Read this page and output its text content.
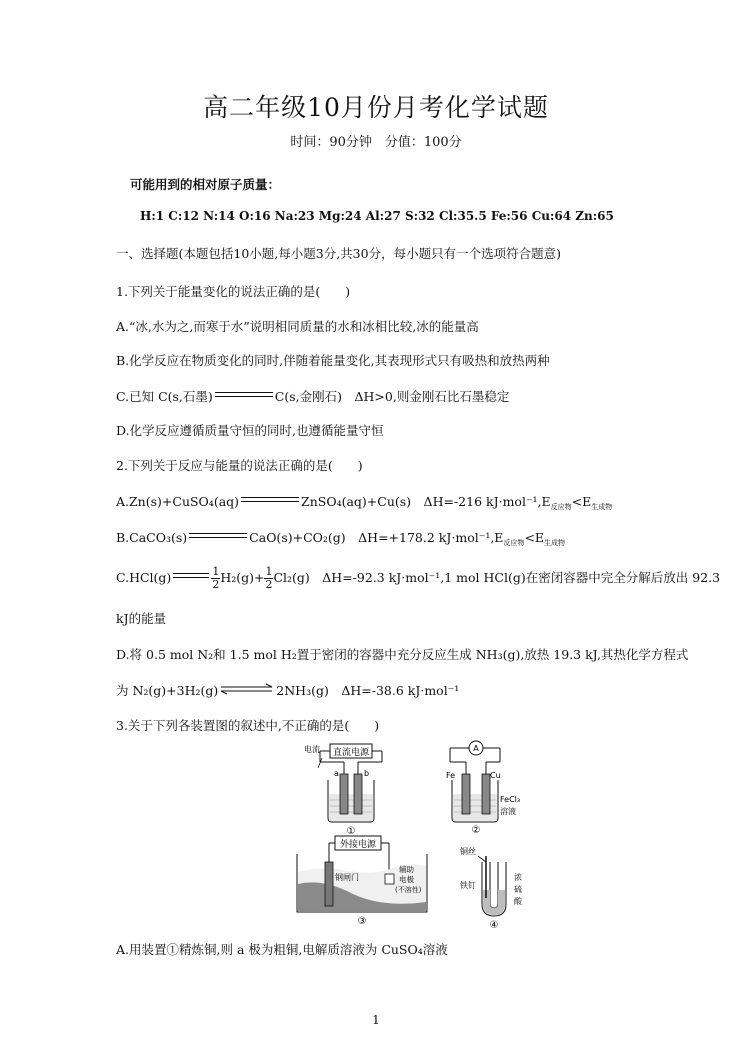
高二年级10月份月考化学试题
时间：90分钟　分值：100分
可能用到的相对原子质量：
H:1 C:12 N:14 O:16 Na:23 Mg:24 Al:27 S:32 Cl:35.5 Fe:56 Cu:64 Zn:65
一、选择题(本题包括10小题,每小题3分,共30分，每小题只有一个选项符合题意)
1.下列关于能量变化的说法正确的是(　　)
A.“冰,水为之,而寒于水”说明相同质量的水和冰相比较,冰的能量高
B.化学反应在物质变化的同时,伴随着能量变化,其表现形式只有吸热和放热两种
C.已知 C(s,石墨)	C(s,金刚石)　ΔH>0,则金刚石比石墨稳定
D.化学反应遵循质量守恒的同时,也遵循能量守恒
2.下列关于反应与能量的说法正确的是(　　)
A.Zn(s)+CuSO₄(aq)	ZnSO₄(aq)+Cu(s)　ΔH=-216 $kJ\cdot mol^{-1},E_{反应物}<E_{生成物}$
B.CaCO₃(s)	CaO(s)+CO₂(g)　ΔH=+178.2 $kJ\cdot mol^{-1},E_{反应物}<E_{生成物}$
C.HCl(g)	$\frac{1}{2} H_2(g)+ \frac{1}{2} Cl_2(g)$　ΔH=-92.3 kJ·mol⁻¹,1 mol HCl(g)在密闭容器中完全分解后放出 92.3
kJ的能量
D.将 0.5 mol N₂和 1.5 mol H₂置于密闭的容器中充分反应生成 NH₃(g),放热 19.3 kJ,其热化学方程式
为 N₂(g)+3H₂(g)	2NH₃(g)　ΔH=-38.6 kJ·mol⁻¹
3.关于下列各装置图的叙述中,不正确的是(　　)
直流电源
电流
a	b
①
A
Fe	Cu
FeCl₃
溶液
②
外接电源
钢闸门
辅助
电极
(不溶性)
③
铜丝
铁钉
浓
硫
酸
④
A.用装置①精炼铜,则 a 极为粗铜,电解质溶液为 CuSO₄溶液
1
